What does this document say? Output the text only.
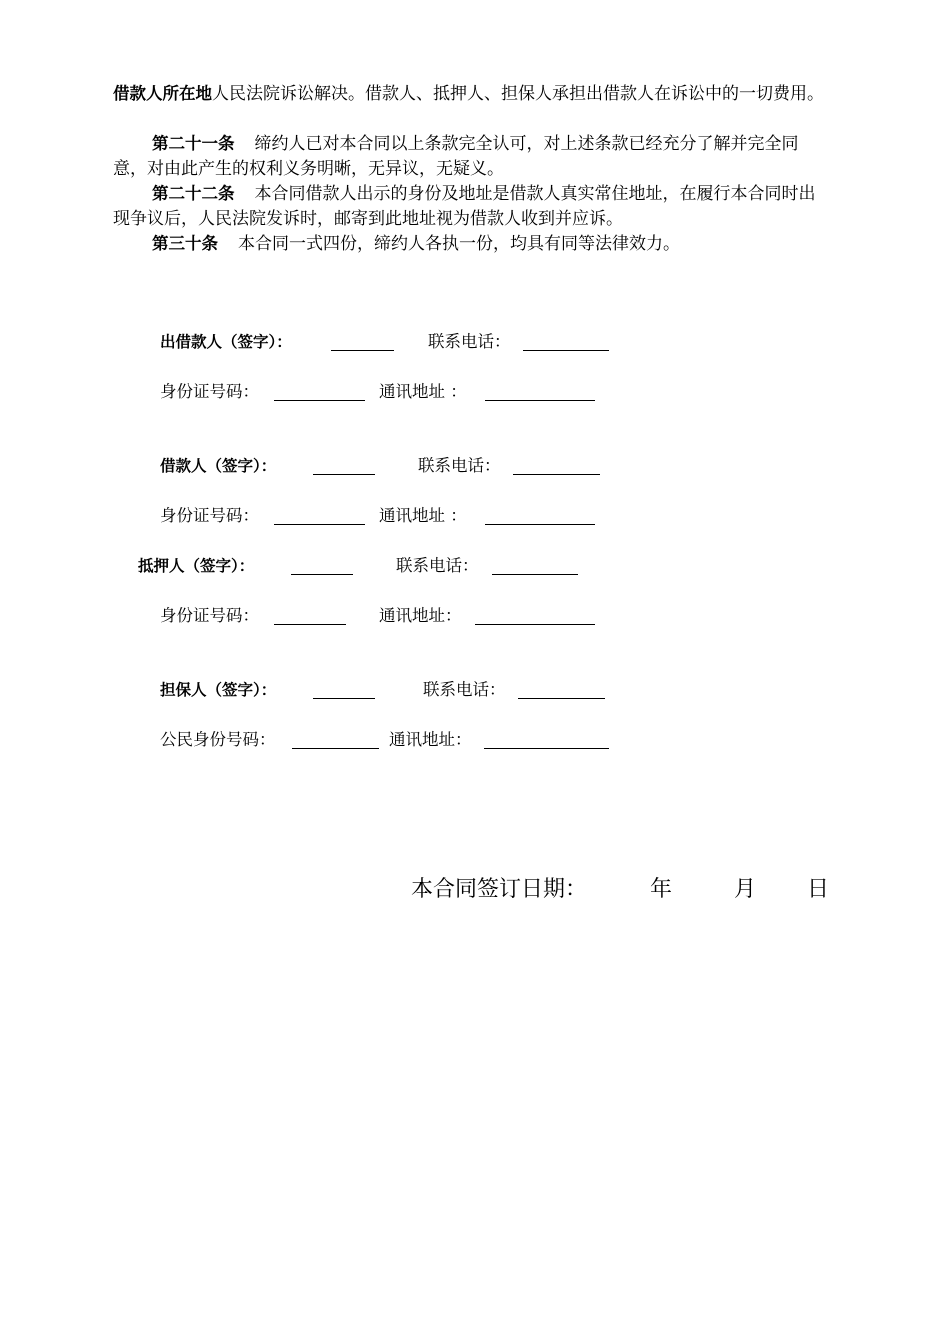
借款人所在地人民法院诉讼解决。借款人、抵押人、担保人承担出借款人在诉讼中的一切费用。
第二十一条 缔约人已对本合同以上条款完全认可，对上述条款已经充分了解并完全同意，对由此产生的权利义务明晰，无异议，无疑义。
第二十二条 本合同借款人出示的身份及地址是借款人真实常住地址，在履行本合同时出现争议后，人民法院发诉时，邮寄到此地址视为借款人收到并应诉。
第三十条 本合同一式四份，缔约人各执一份，均具有同等法律效力。
出借款人（签字）：	联系电话：
身份证号码：	通讯地址 ：
借款人（签字）：	联系电话：
身份证号码：	通讯地址 ：
抵押人（签字）：	联系电话：
身份证号码：	通讯地址：
担保人（签字）：	联系电话：
公民身份号码：	通讯地址：
本合同签订日期：	年	月 日
